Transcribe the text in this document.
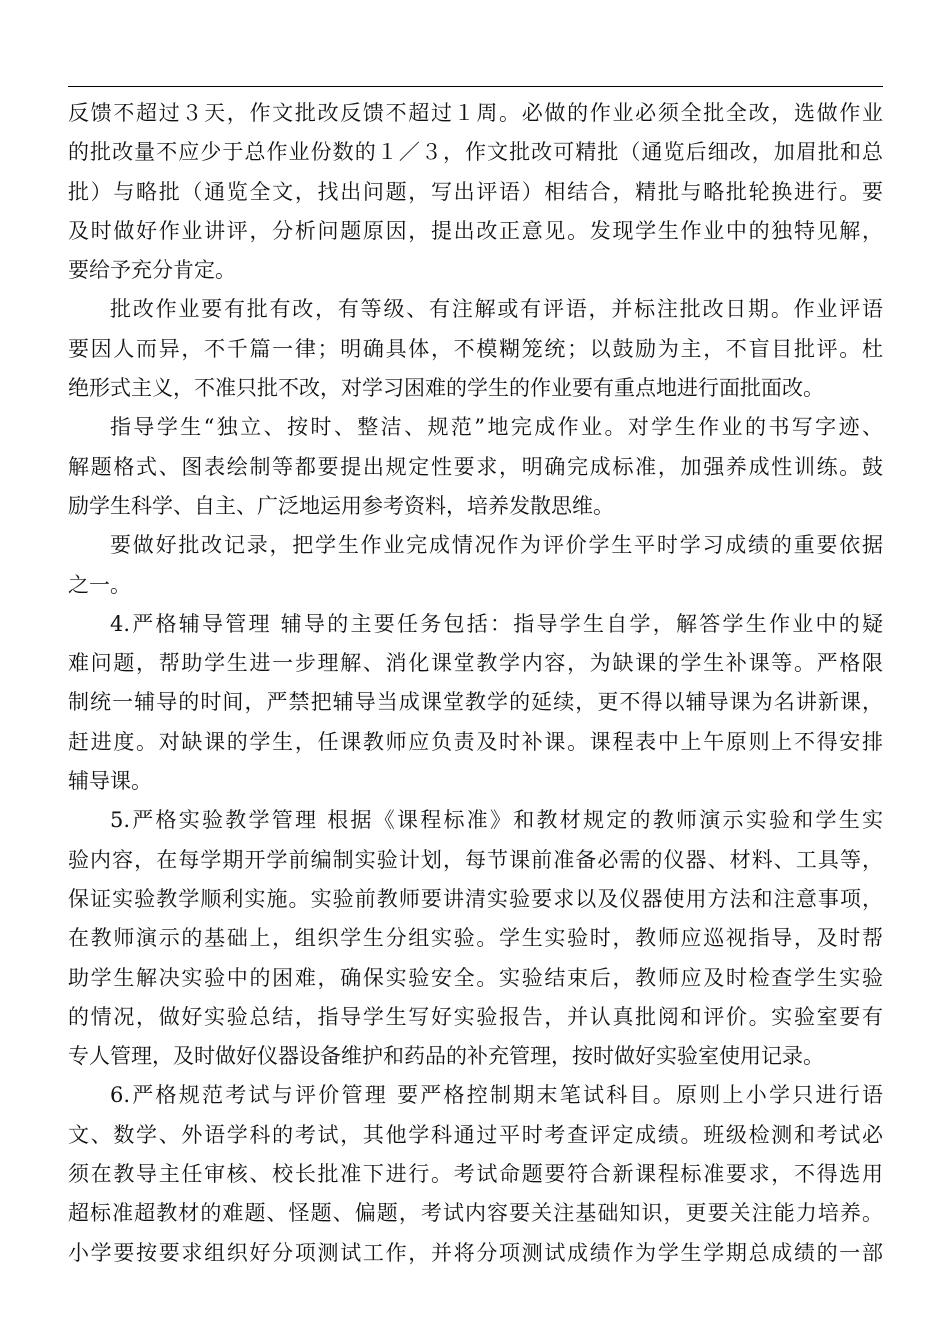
反馈不超过３天，作文批改反馈不超过１周。必做的作业必须全批全改，选做作业
的批改量不应少于总作业份数的１／３，作文批改可精批（通览后细改，加眉批和总
批）与略批（通览全文，找出问题，写出评语）相结合，精批与略批轮换进行。要
及时做好作业讲评，分析问题原因，提出改正意见。发现学生作业中的独特见解，
要给予充分肯定。
批改作业要有批有改，有等级、有注解或有评语，并标注批改日期。作业评语
要因人而异，不千篇一律；明确具体，不模糊笼统；以鼓励为主，不盲目批评。杜
绝形式主义，不准只批不改，对学习困难的学生的作业要有重点地进行面批面改。
指导学生“独立、按时、整洁、规范”地完成作业。对学生作业的书写字迹、
解题格式、图表绘制等都要提出规定性要求，明确完成标准，加强养成性训练。鼓
励学生科学、自主、广泛地运用参考资料，培养发散思维。
要做好批改记录，把学生作业完成情况作为评价学生平时学习成绩的重要依据
之一。
4.严格辅导管理 辅导的主要任务包括：指导学生自学，解答学生作业中的疑
难问题，帮助学生进一步理解、消化课堂教学内容，为缺课的学生补课等。严格限
制统一辅导的时间，严禁把辅导当成课堂教学的延续，更不得以辅导课为名讲新课，
赶进度。对缺课的学生，任课教师应负责及时补课。课程表中上午原则上不得安排
辅导课。
5.严格实验教学管理 根据《课程标准》和教材规定的教师演示实验和学生实
验内容，在每学期开学前编制实验计划，每节课前准备必需的仪器、材料、工具等，
保证实验教学顺利实施。实验前教师要讲清实验要求以及仪器使用方法和注意事项，
在教师演示的基础上，组织学生分组实验。学生实验时，教师应巡视指导，及时帮
助学生解决实验中的困难，确保实验安全。实验结束后，教师应及时检查学生实验
的情况，做好实验总结，指导学生写好实验报告，并认真批阅和评价。实验室要有
专人管理，及时做好仪器设备维护和药品的补充管理，按时做好实验室使用记录。
6.严格规范考试与评价管理 要严格控制期末笔试科目。原则上小学只进行语
文、数学、外语学科的考试，其他学科通过平时考查评定成绩。班级检测和考试必
须在教导主任审核、校长批准下进行。考试命题要符合新课程标准要求，不得选用
超标准超教材的难题、怪题、偏题，考试内容要关注基础知识，更要关注能力培养。
小学要按要求组织好分项测试工作，并将分项测试成绩作为学生学期总成绩的一部
